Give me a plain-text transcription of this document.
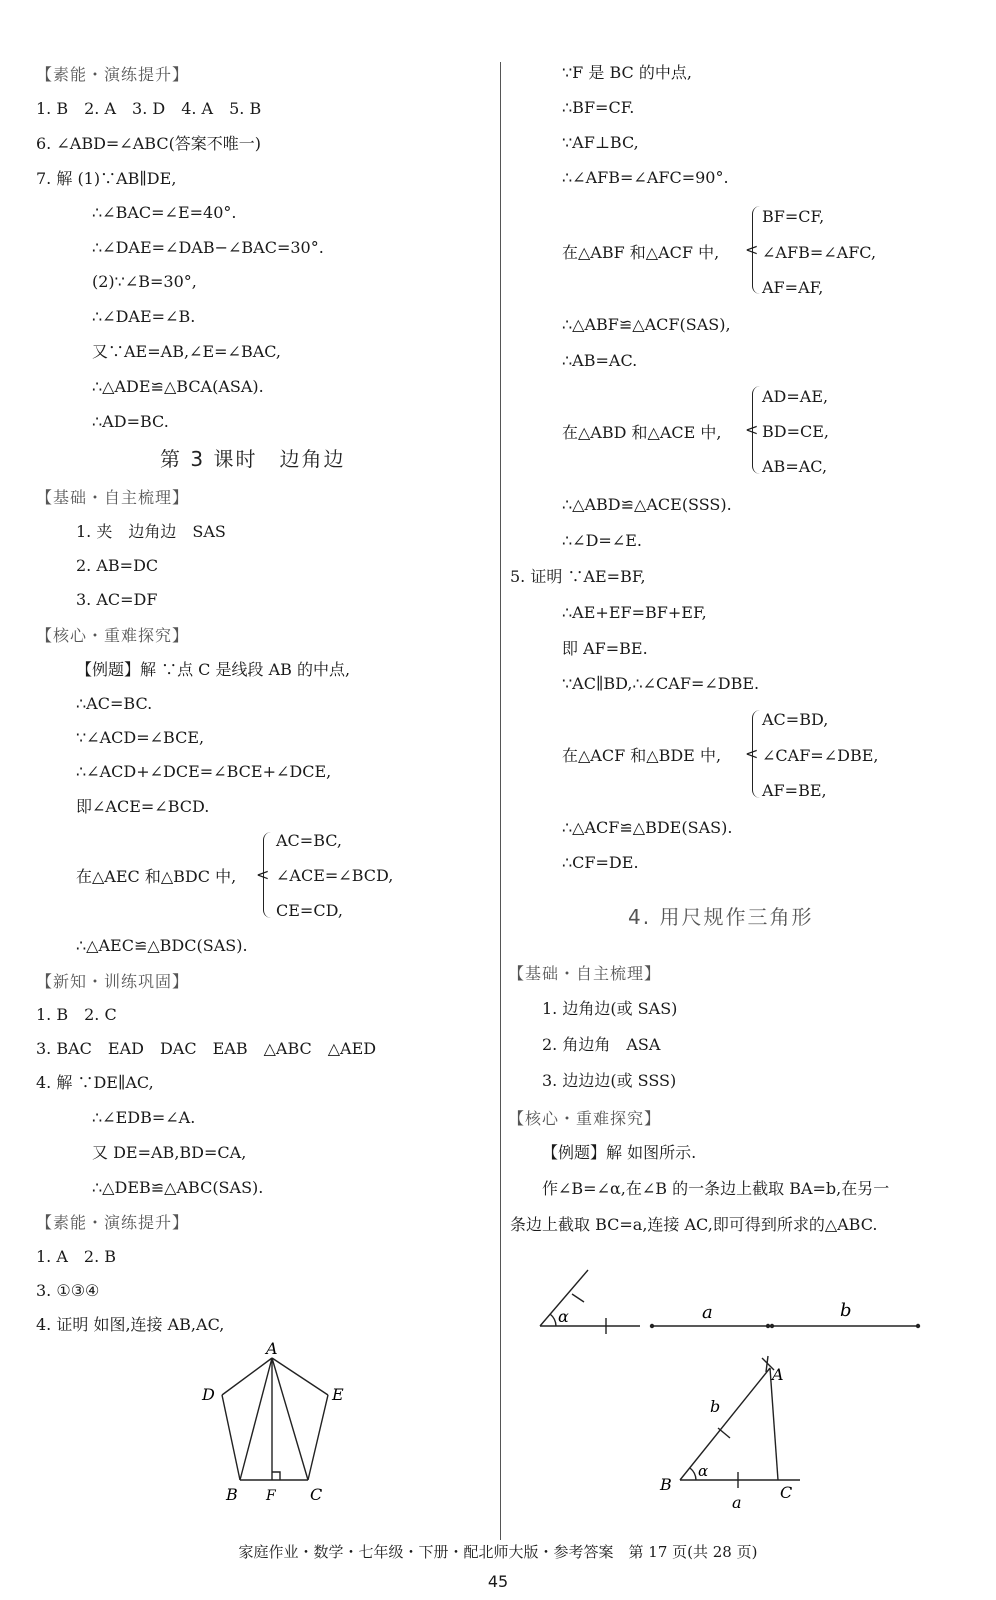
【素能・演练提升】
1. B　2. A　3. D　4. A　5. B
6. ∠ABD=∠ABC(答案不唯一)
7. 解 (1)∵AB∥DE,
∴∠BAC=∠E=40°.
∴∠DAE=∠DAB−∠BAC=30°.
(2)∵∠B=30°,
∴∠DAE=∠B.
又∵AE=AB,∠E=∠BAC,
∴△ADE≌△BCA(ASA).
∴AD=BC.
第 3 课时　边角边
【基础・自主梳理】
1. 夹　边角边　SAS
2. AB=DC
3. AC=DF
【核心・重难探究】
【例题】解 ∵点 C 是线段 AB 的中点,
∴AC=BC.
∵∠ACD=∠BCE,
∴∠ACD+∠DCE=∠BCE+∠DCE,
即∠ACE=∠BCD.
在△AEC 和△BDC 中, <
AC=BC,
∠ACE=∠BCD,
CE=CD,
∴△AEC≌△BDC(SAS).
【新知・训练巩固】
1. B　2. C
3. BAC　EAD　DAC　EAB　△ABC　△AED
4. 解 ∵DE∥AC,
∴∠EDB=∠A.
又 DE=AB,BD=CA,
∴△DEB≌△ABC(SAS).
【素能・演练提升】
1. A　2. B
3. ①③④
4. 证明 如图,连接 AB,AC,
A
D	E
B F C
∵F 是 BC 的中点,
∴BF=CF.
∵AF⊥BC,
∴∠AFB=∠AFC=90°.
在△ABF 和△ACF 中, <
BF=CF,
∠AFB=∠AFC,
AF=AF,
∴△ABF≌△ACF(SAS),
∴AB=AC.
在△ABD 和△ACE 中, <
AD=AE,
BD=CE,
AB=AC,
∴△ABD≌△ACE(SSS).
∴∠D=∠E.
5. 证明 ∵AE=BF,
∴AE+EF=BF+EF,
即 AF=BE.
∵AC∥BD,∴∠CAF=∠DBE.
在△ACF 和△BDE 中, <
AC=BD,
∠CAF=∠DBE,
AF=BE,
∴△ACF≌△BDE(SAS).
∴CF=DE.
4. 用尺规作三角形
【基础・自主梳理】
1. 边角边(或 SAS)
2. 角边角　ASA
3. 边边边(或 SSS)
【核心・重难探究】
【例题】解 如图所示.
作∠B=∠α,在∠B 的一条边上截取 BA=b,在另一
条边上截取 BC=a,连接 AC,即可得到所求的△ABC.
α	a	b
A
B	C
b
a
α
家庭作业・数学・七年级・下册・配北师大版・参考答案　第 17 页(共 28 页)
45
